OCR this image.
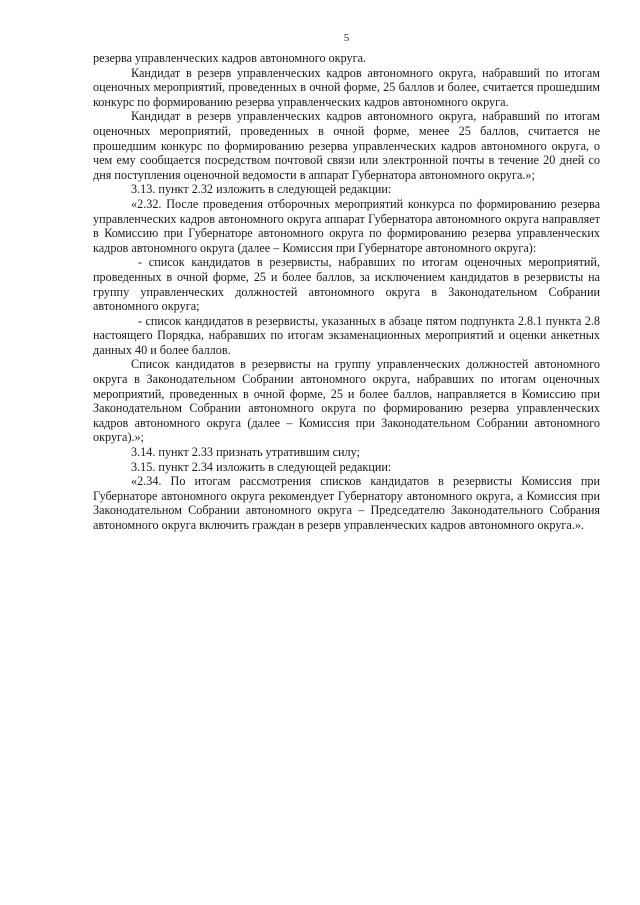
5

резерва управленческих кадров автономного округа.

Кандидат в резерв управленческих кадров автономного округа, набравший по итогам оценочных мероприятий, проведенных в очной форме, 25 баллов и более, считается прошедшим конкурс по формированию резерва управленческих кадров автономного округа.

Кандидат в резерв управленческих кадров автономного округа, набравший по итогам оценочных мероприятий, проведенных в очной форме, менее 25 баллов, считается не прошедшим конкурс по формированию резерва управленческих кадров автономного округа, о чем ему сообщается посредством почтовой связи или электронной почты в течение 20 дней со дня поступления оценочной ведомости в аппарат Губернатора автономного округа.»;

3.13. пункт 2.32 изложить в следующей редакции:

«2.32. После проведения отборочных мероприятий конкурса по формированию резерва управленческих кадров автономного округа аппарат Губернатора автономного округа направляет в Комиссию при Губернаторе автономного округа по формированию резерва управленческих кадров автономного округа (далее – Комиссия при Губернаторе автономного округа):

- список кандидатов в резервисты, набравших по итогам оценочных мероприятий, проведенных в очной форме, 25 и более баллов, за исключением кандидатов в резервисты на группу управленческих должностей автономного округа в Законодательном Собрании автономного округа;

- список кандидатов в резервисты, указанных в абзаце пятом подпункта 2.8.1 пункта 2.8 настоящего Порядка, набравших по итогам экзаменационных мероприятий и оценки анкетных данных 40 и более баллов.

Список кандидатов в резервисты на группу управленческих должностей автономного округа в Законодательном Собрании автономного округа, набравших по итогам оценочных мероприятий, проведенных в очной форме, 25 и более баллов, направляется в Комиссию при Законодательном Собрании автономного округа по формированию резерва управленческих кадров автономного округа (далее – Комиссия при Законодательном Собрании автономного округа).»;

3.14. пункт 2.33 признать утратившим силу;

3.15. пункт 2.34 изложить в следующей редакции:

«2.34. По итогам рассмотрения списков кандидатов в резервисты Комиссия при Губернаторе автономного округа рекомендует Губернатору автономного округа, а Комиссия при Законодательном Собрании автономного округа – Председателю Законодательного Собрания автономного округа включить граждан в резерв управленческих кадров автономного округа.».
